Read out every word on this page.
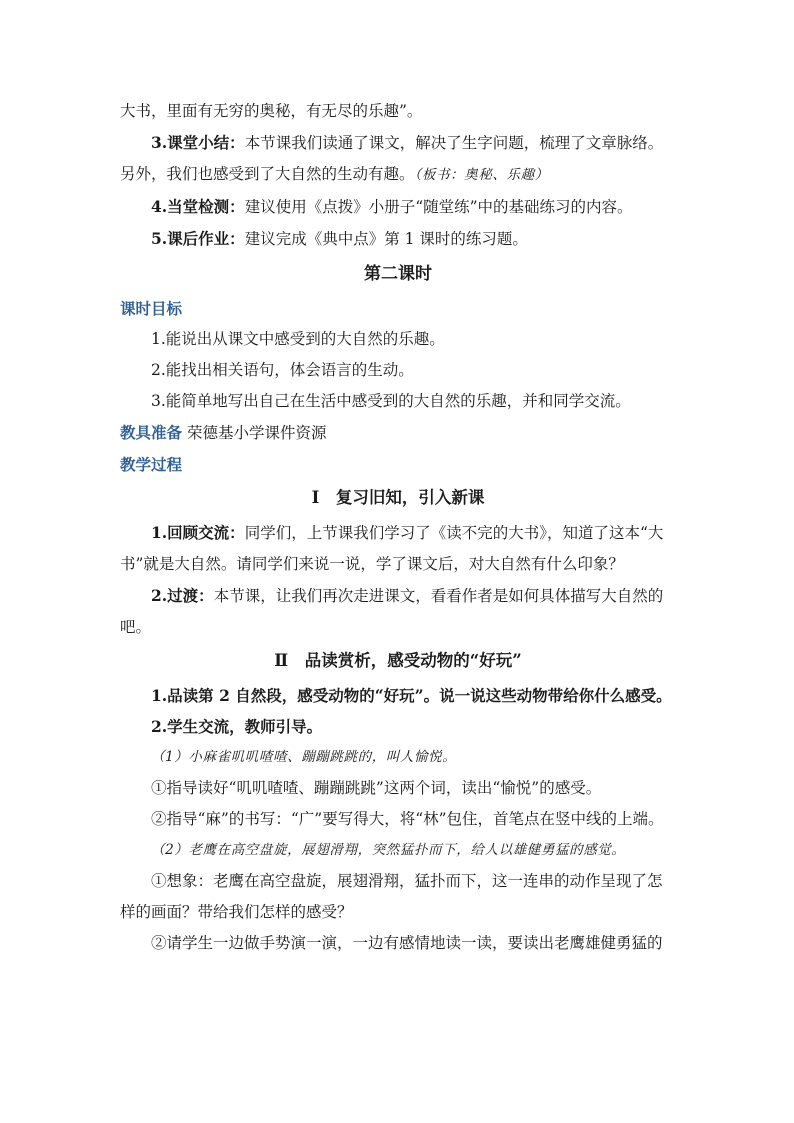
大书，里面有无穷的奥秘，有无尽的乐趣”。

3.课堂小结：本节课我们读通了课文，解决了生字问题，梳理了文章脉络。另外，我们也感受到了大自然的生动有趣。（板书：奥秘、乐趣）

4.当堂检测：建议使用《点拨》小册子“随堂练”中的基础练习的内容。

5.课后作业：建议完成《典中点》第 1 课时的练习题。

第二课时

课时目标

1.能说出从课文中感受到的大自然的乐趣。

2.能找出相关语句，体会语言的生动。

3.能简单地写出自己在生活中感受到的大自然的乐趣，并和同学交流。

教具准备 荣德基小学课件资源

教学过程

Ⅰ　复习旧知，引入新课

1.回顾交流：同学们，上节课我们学习了《读不完的大书》，知道了这本“大书”就是大自然。请同学们来说一说，学了课文后，对大自然有什么印象？

2.过渡：本节课，让我们再次走进课文，看看作者是如何具体描写大自然的吧。

Ⅱ　品读赏析，感受动物的“好玩”

1.品读第 2 自然段，感受动物的“好玩”。说一说这些动物带给你什么感受。

2.学生交流，教师引导。

（1）小麻雀叽叽喳喳、蹦蹦跳跳的，叫人愉悦。

①指导读好“叽叽喳喳、蹦蹦跳跳”这两个词，读出“愉悦”的感受。

②指导“麻”的书写：“广”要写得大，将“林”包住，首笔点在竖中线的上端。

（2）老鹰在高空盘旋，展翅滑翔，突然猛扑而下，给人以雄健勇猛的感觉。

①想象：老鹰在高空盘旋，展翅滑翔，猛扑而下，这一连串的动作呈现了怎样的画面？带给我们怎样的感受？

②请学生一边做手势演一演，一边有感情地读一读，要读出老鹰雄健勇猛的
